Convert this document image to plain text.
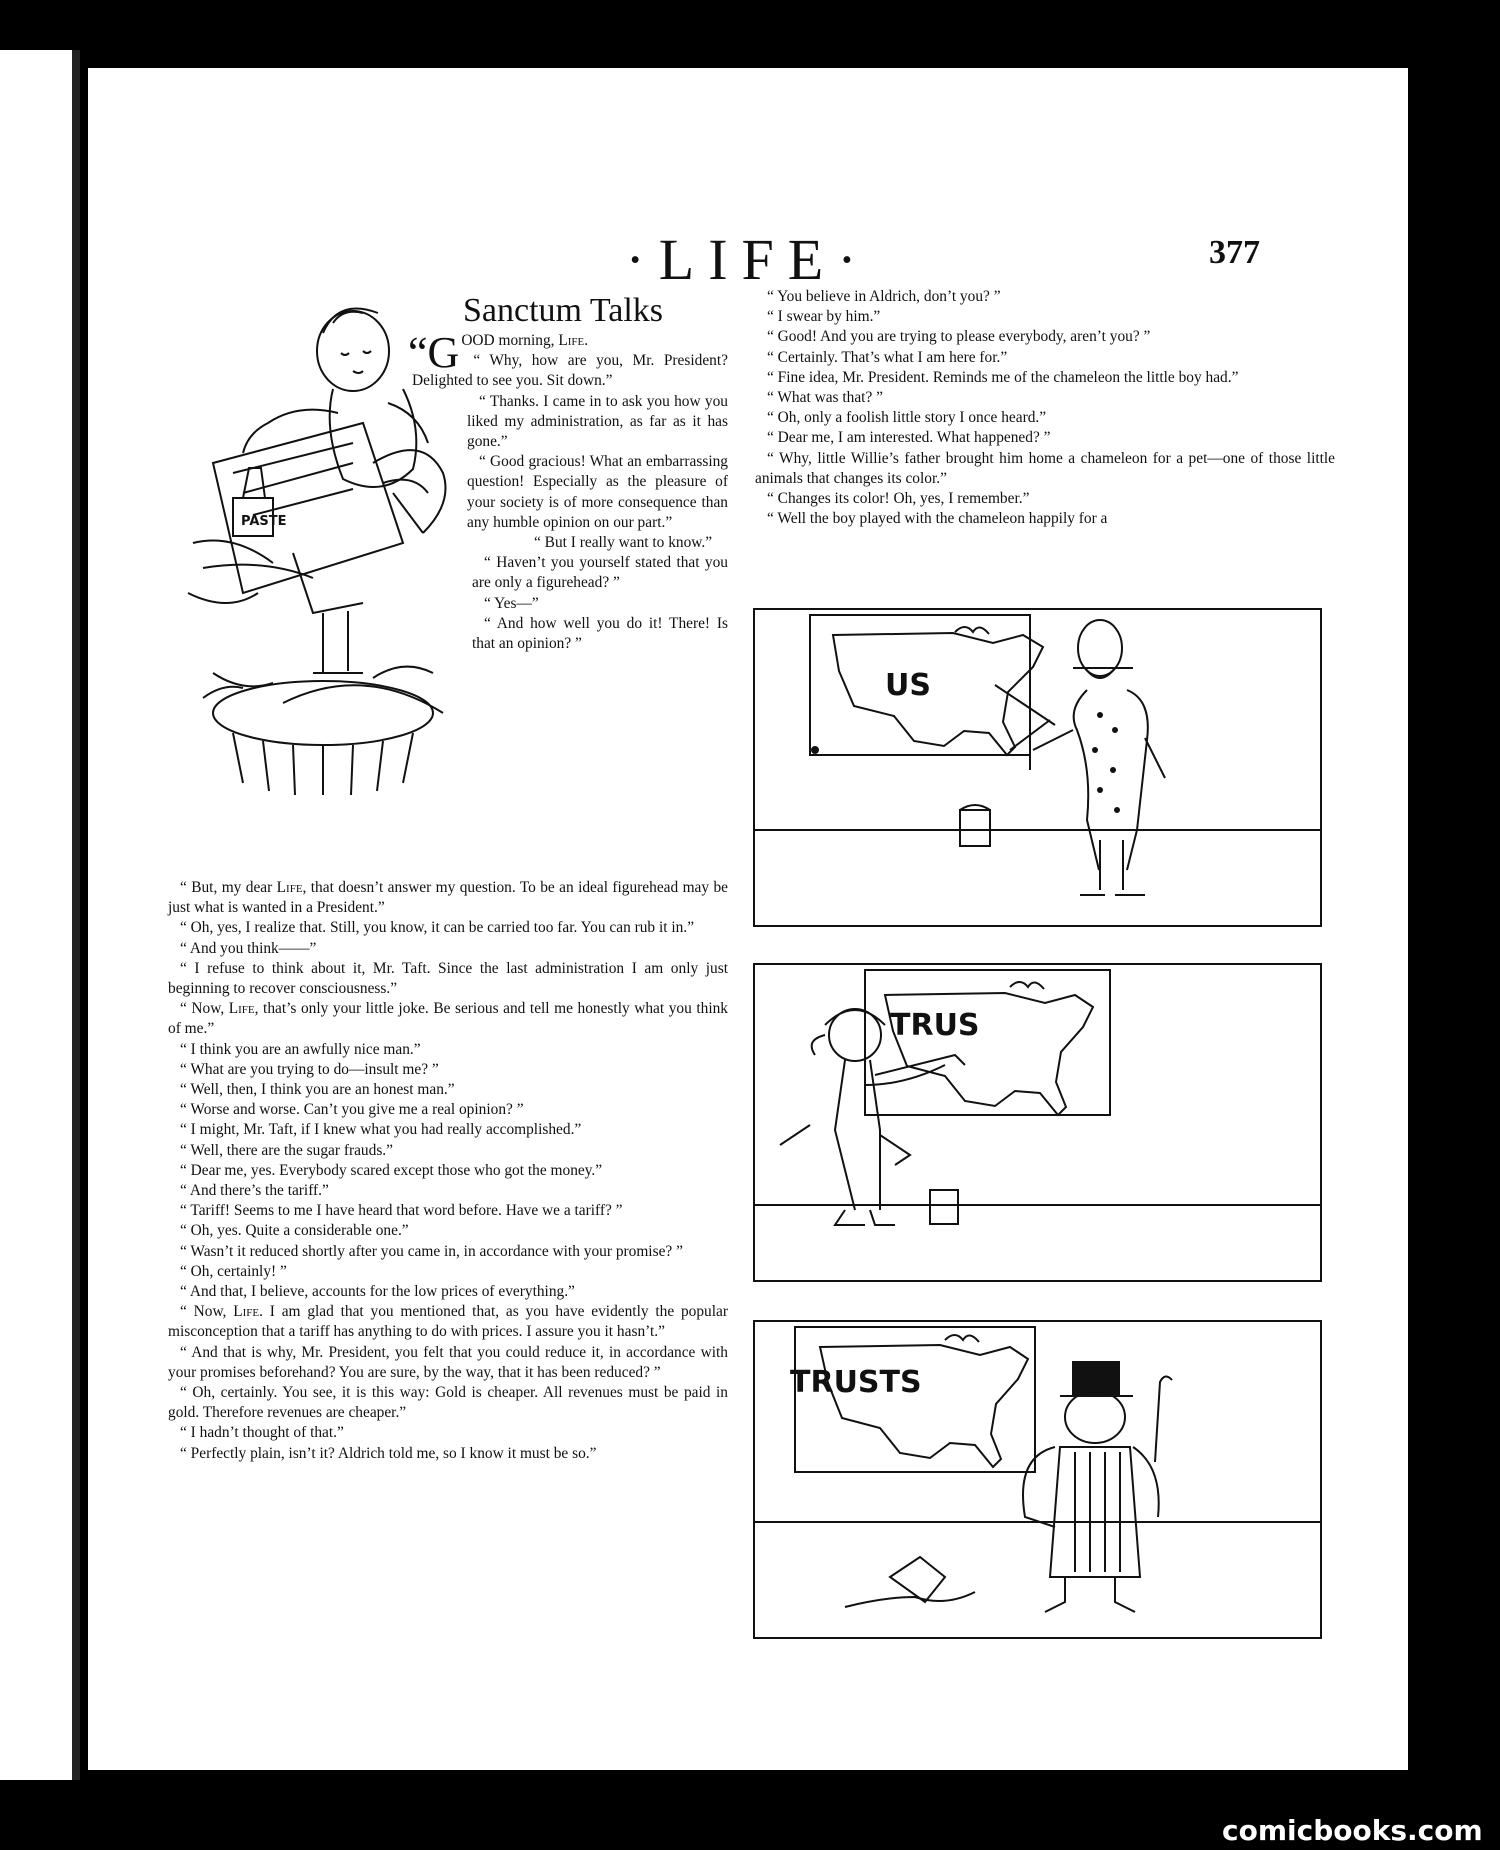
·LIFE·	377
Sanctum Talks
PASTE

“GOOD morning, Life.

“ Why, how are you, Mr. President? Delighted to see you. Sit down.”

“ Thanks. I came in to ask you how you liked my administration, as far as it has gone.”

“ Good gracious! What an embarrassing question! Especially as the pleasure of your society is of more consequence than any humble opinion on our part.”

“ But I really want to know.”

“ Haven’t you yourself stated that you are only a figurehead? ”

“ Yes—”

“ And how well you do it! There! Is that an opinion? ”

“ But, my dear Life, that doesn’t answer my question. To be an ideal figurehead may be just what is wanted in a President.”

“ Oh, yes, I realize that. Still, you know, it can be carried too far. You can rub it in.”

“ And you think——”

“ I refuse to think about it, Mr. Taft. Since the last administration I am only just beginning to recover consciousness.”

“ Now, Life, that’s only your little joke. Be serious and tell me honestly what you think of me.”

“ I think you are an awfully nice man.”

“ What are you trying to do—insult me? ”

“ Well, then, I think you are an honest man.”

“ Worse and worse. Can’t you give me a real opinion? ”

“ I might, Mr. Taft, if I knew what you had really accomplished.”

“ Well, there are the sugar frauds.”

“ Dear me, yes. Everybody scared except those who got the money.”

“ And there’s the tariff.”

“ Tariff! Seems to me I have heard that word before. Have we a tariff? ”

“ Oh, yes. Quite a considerable one.”

“ Wasn’t it reduced shortly after you came in, in accordance with your promise? ”

“ Oh, certainly! ”

“ And that, I believe, accounts for the low prices of everything.”

“ Now, Life. I am glad that you mentioned that, as you have evidently the popular misconception that a tariff has anything to do with prices. I assure you it hasn’t.”

“ And that is why, Mr. President, you felt that you could reduce it, in accordance with your promises beforehand? You are sure, by the way, that it has been reduced? ”

“ Oh, certainly. You see, it is this way: Gold is cheaper. All revenues must be paid in gold. Therefore revenues are cheaper.”

“ I hadn’t thought of that.”

“ Perfectly plain, isn’t it? Aldrich told me, so I know it must be so.”

“ You believe in Aldrich, don’t you? ”

“ I swear by him.”

“ Good! And you are trying to please everybody, aren’t you? ”

“ Certainly. That’s what I am here for.”

“ Fine idea, Mr. President. Reminds me of the chameleon the little boy had.”

“ What was that? ”

“ Oh, only a foolish little story I once heard.”

“ Dear me, I am interested. What happened? ”

“ Why, little Willie’s father brought him home a chameleon for a pet—one of those little animals that changes its color.”

“ Changes its color! Oh, yes, I remember.”

“ Well the boy played with the chameleon happily for a

US
TRUS
TRUSTS
comicbooks.com
